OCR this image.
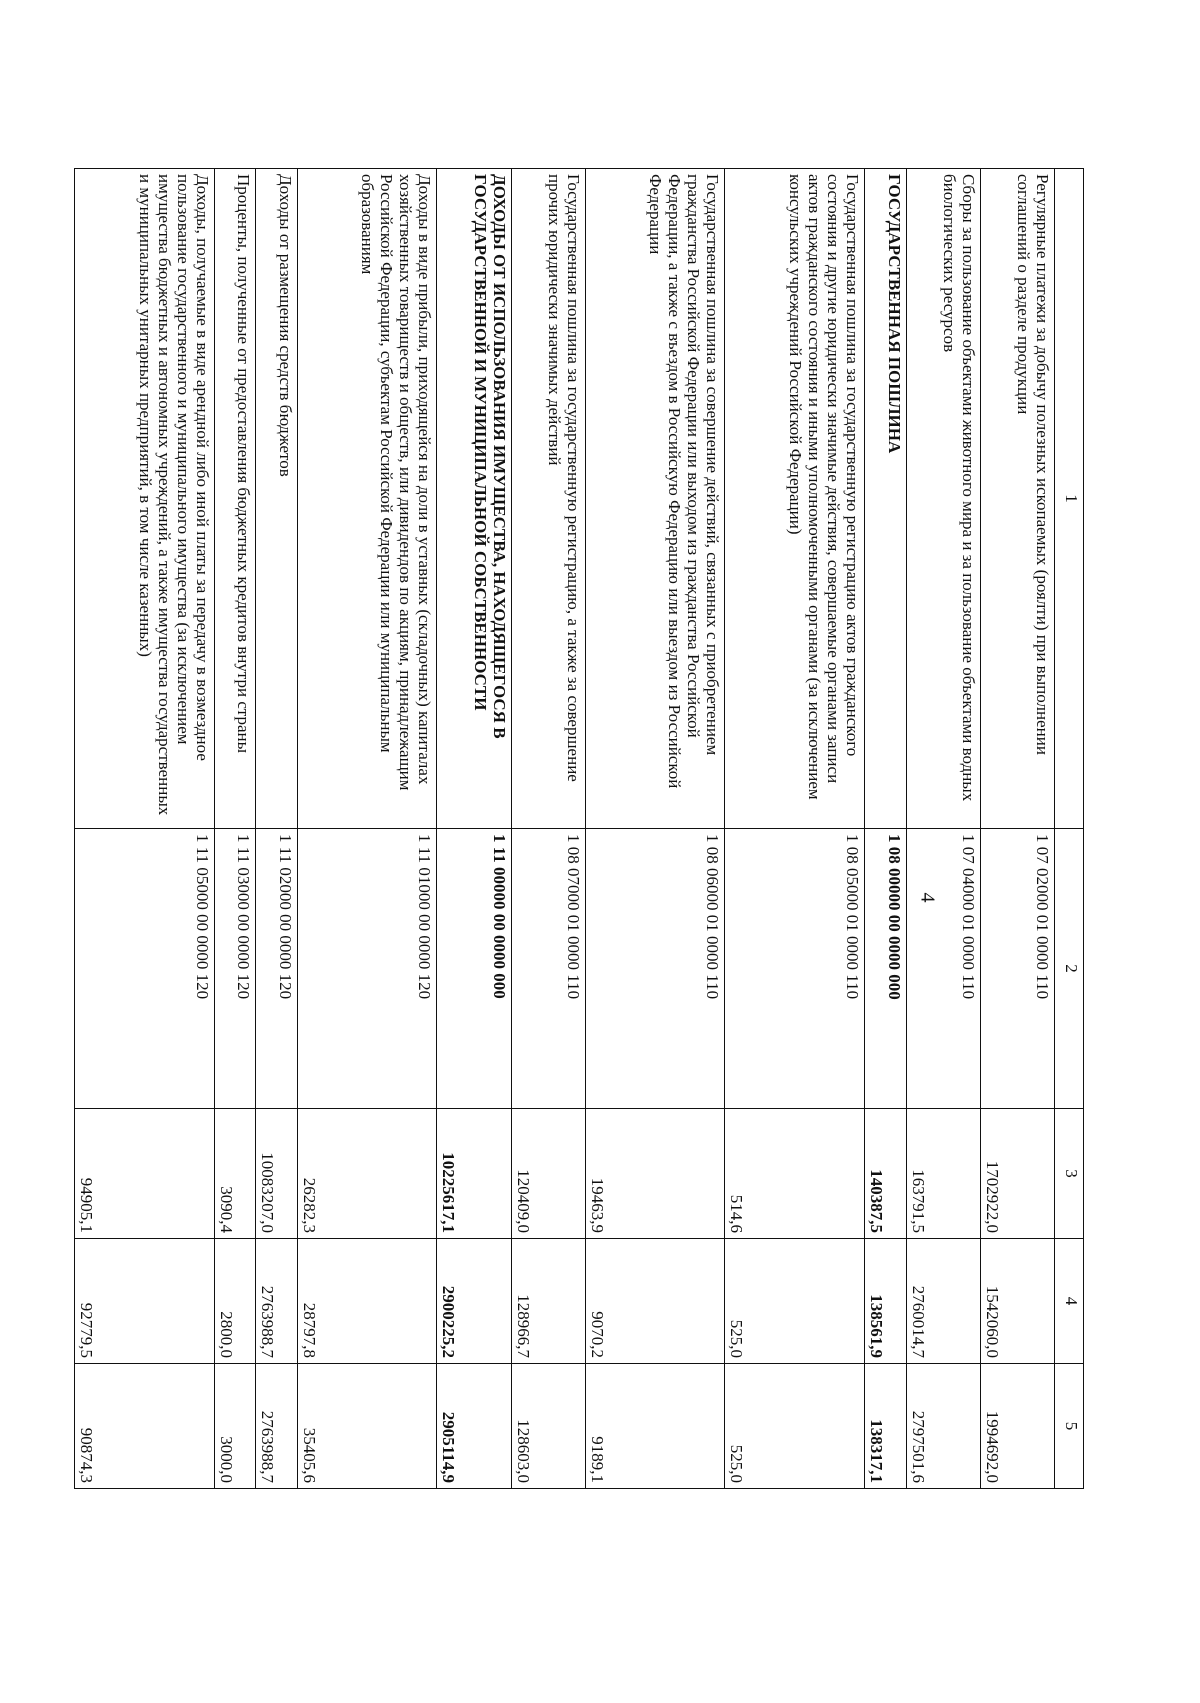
4
1	2	3	4	5
Регулярные платежи за добычу полезных ископаемых (роялти) при выполнении соглашений о разделе продукции	1 07 02000 01 0000 110	1702922,0	1542060,0	1994692,0
Сборы за пользование объектами животного мира и за пользование объектами водных биологических ресурсов	1 07 04000 01 0000 110	163791,5	2760014,7	2797501,6
ГОСУДАРСТВЕННАЯ ПОШЛИНА	1 08 00000 00 0000 000	140387,5	138561,9	138317,1
Государственная пошлина за государственную регистрацию актов гражданского состояния и другие юридически значимые действия, совершаемые органами записи актов гражданского состояния и иными уполномоченными органами (за исключением консульских учреждений Российской Федерации)	1 08 05000 01 0000 110	514,6	525,0	525,0
Государственная пошлина за совершение действий, связанных с приобретением гражданства Российской Федерации или выходом из гражданства Российской Федерации, а также с въездом в Российскую Федерацию или выездом из Российской Федерации	1 08 06000 01 0000 110	19463,9	9070,2	9189,1
Государственная пошлина за государственную регистрацию, а также за совершение прочих юридически значимых действий	1 08 07000 01 0000 110	120409,0	128966,7	128603,0
ДОХОДЫ ОТ ИСПОЛЬЗОВАНИЯ ИМУЩЕСТВА, НАХОДЯЩЕГОСЯ В ГОСУДАРСТВЕННОЙ И МУНИЦИПАЛЬНОЙ СОБСТВЕННОСТИ	1 11 00000 00 0000 000	10225617,1	2900225,2	2905114,9
Доходы в виде прибыли, приходящейся на доли в уставных (складочных) капиталах хозяйственных товариществ и обществ, или дивидендов по акциям, принадлежащим Российской Федерации, субъектам Российской Федерации или муниципальным образованиям	1 11 01000 00 0000 120	26282,3	28797,8	35405,6
Доходы от размещения средств бюджетов	1 11 02000 00 0000 120	10083207,0	2763988,7	2763988,7
Проценты, полученные от предоставления бюджетных кредитов внутри страны	1 11 03000 00 0000 120	3090,4	2800,0	3000,0
Доходы, получаемые в виде арендной либо иной платы за передачу в возмездное пользование государственного и муниципального имущества (за исключением имущества бюджетных и автономных учреждений, а также имущества государственных и муниципальных унитарных предприятий, в том числе казенных)	1 11 05000 00 0000 120	94905,1	92779,5	90874,3
